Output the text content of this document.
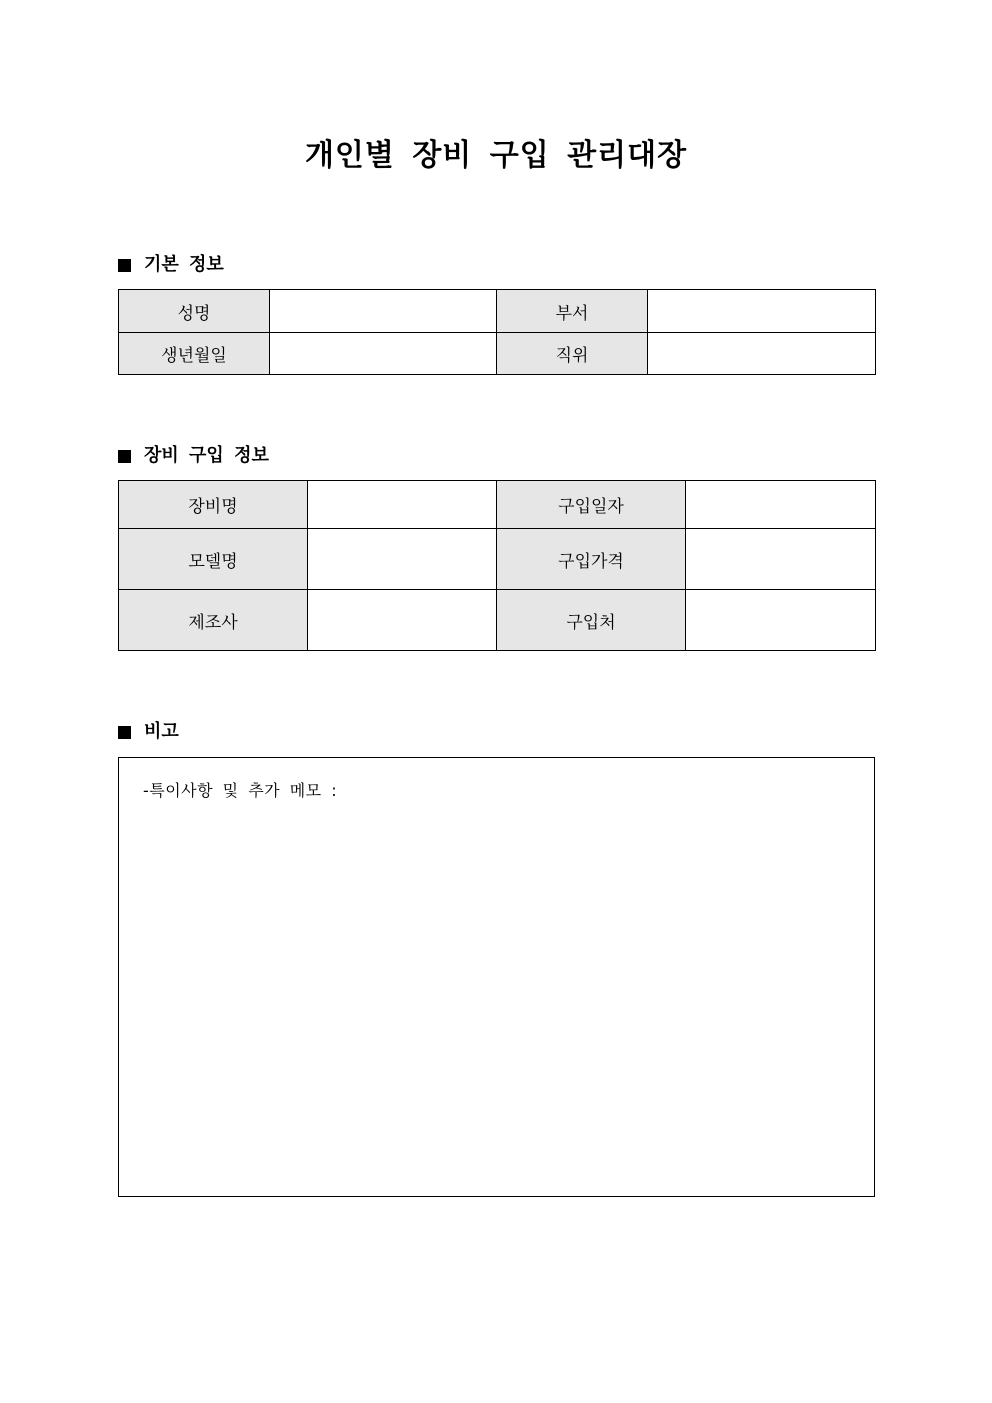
개인별 장비 구입 관리대장
기본 정보
성명		부서	
생년월일		직위	
장비 구입 정보
장비명		구입일자	
모델명		구입가격	
제조사		구입처	
비고
-특이사항 및 추가 메모 :
